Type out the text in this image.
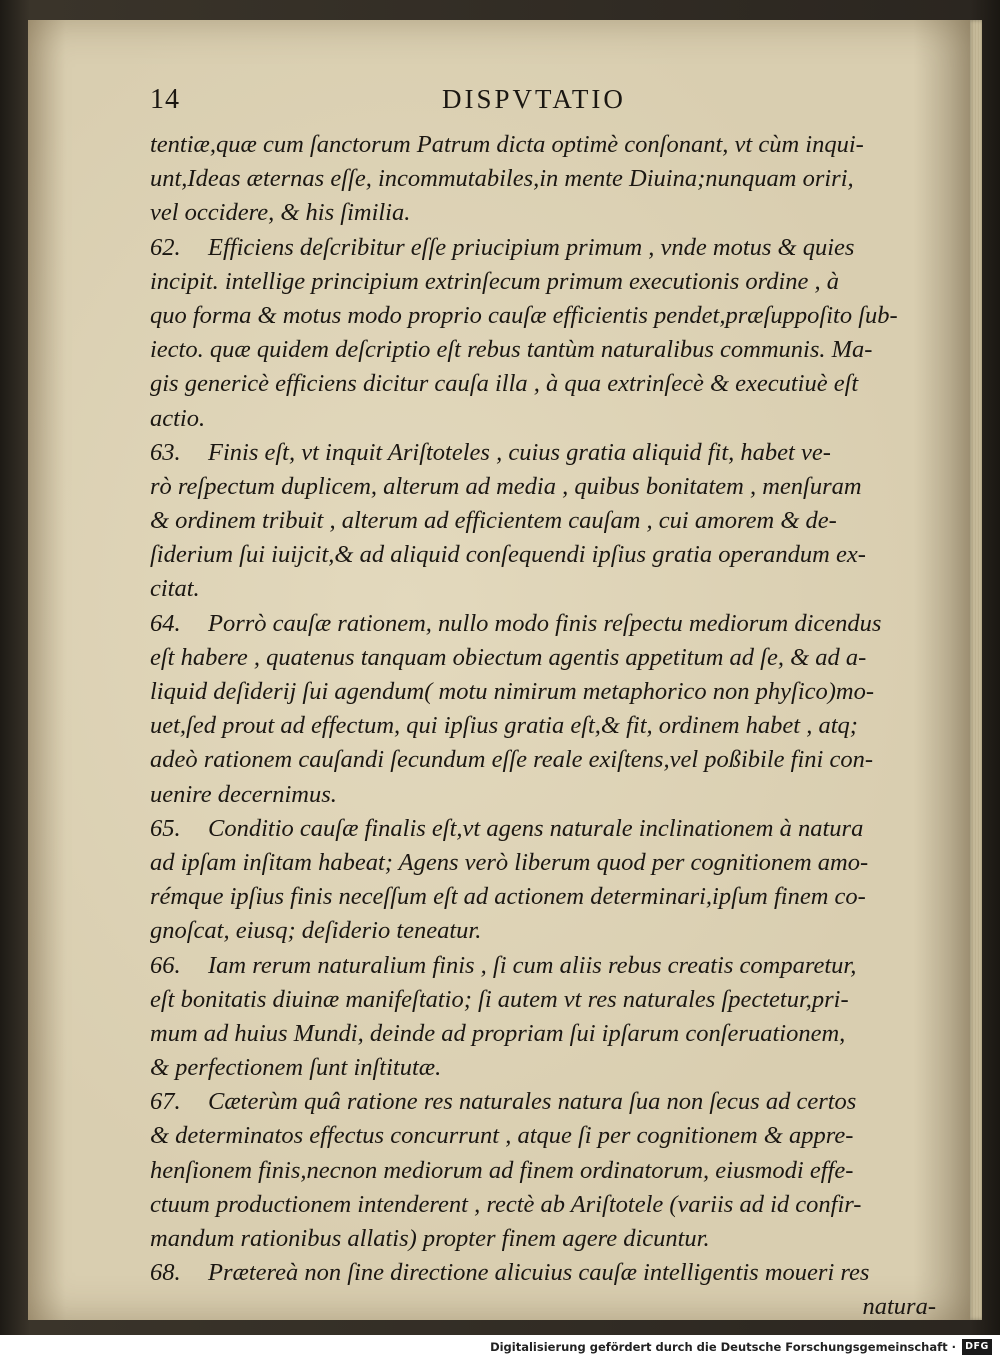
14	DISPVTATIO
tentiæ,quæ cum ſanctorum Patrum dicta optimè conſonant, vt cùm inqui-
unt,Ideas æternas eſſe, incommutabiles,in mente Diuina;nunquam oriri,
vel occidere, & his ſimilia.
62. Efficiens deſcribitur eſſe priucipium primum , vnde motus & quies
incipit. intellige principium extrinſecum primum executionis ordine , à
quo forma & motus modo proprio cauſæ efficientis pendet,præſuppoſito ſub-
iecto. quæ quidem deſcriptio eſt rebus tantùm naturalibus communis. Ma-
gis genericè efficiens dicitur cauſa illa , à qua extrinſecè & executiuè eſt
actio.
63. Finis eſt, vt inquit Ariſtoteles , cuius gratia aliquid fit, habet ve-
rò reſpectum duplicem, alterum ad media , quibus bonitatem , menſuram
& ordinem tribuit , alterum ad efficientem cauſam , cui amorem & de-
ſiderium ſui iuijcit,& ad aliquid conſequendi ipſius gratia operandum ex-
citat.
64. Porrò cauſæ rationem, nullo modo finis reſpectu mediorum dicendus
eſt habere , quatenus tanquam obiectum agentis appetitum ad ſe, & ad a-
liquid deſiderij ſui agendum( motu nimirum metaphorico non phyſico)mo-
uet,ſed prout ad effectum, qui ipſius gratia eſt,& fit, ordinem habet , atq;
adeò rationem cauſandi ſecundum eſſe reale exiſtens,vel poßibile fini con-
uenire decernimus.
65. Conditio cauſæ finalis eſt,vt agens naturale inclinationem à natura
ad ipſam inſitam habeat; Agens verò liberum quod per cognitionem amo-
rémque ipſius finis neceſſum eſt ad actionem determinari,ipſum finem co-
gnoſcat, eiusq; deſiderio teneatur.
66. Iam rerum naturalium finis , ſi cum aliis rebus creatis comparetur,
eſt bonitatis diuinæ manifeſtatio; ſi autem vt res naturales ſpectetur,pri-
mum ad huius Mundi, deinde ad propriam ſui ipſarum conſeruationem,
& perfectionem ſunt inſtitutæ.
67. Cæterùm quâ ratione res naturales natura ſua non ſecus ad certos
& determinatos effectus concurrunt , atque ſi per cognitionem & appre-
henſionem finis,necnon mediorum ad finem ordinatorum, eiusmodi effe-
ctuum productionem intenderent , rectè ab Ariſtotele (variis ad id confir-
mandum rationibus allatis) propter finem agere dicuntur.
68. Prætereà non ſine directione alicuius cauſæ intelligentis moueri res
natura-
Digitalisierung gefördert durch die Deutsche Forschungsgemeinschaft · DFG
